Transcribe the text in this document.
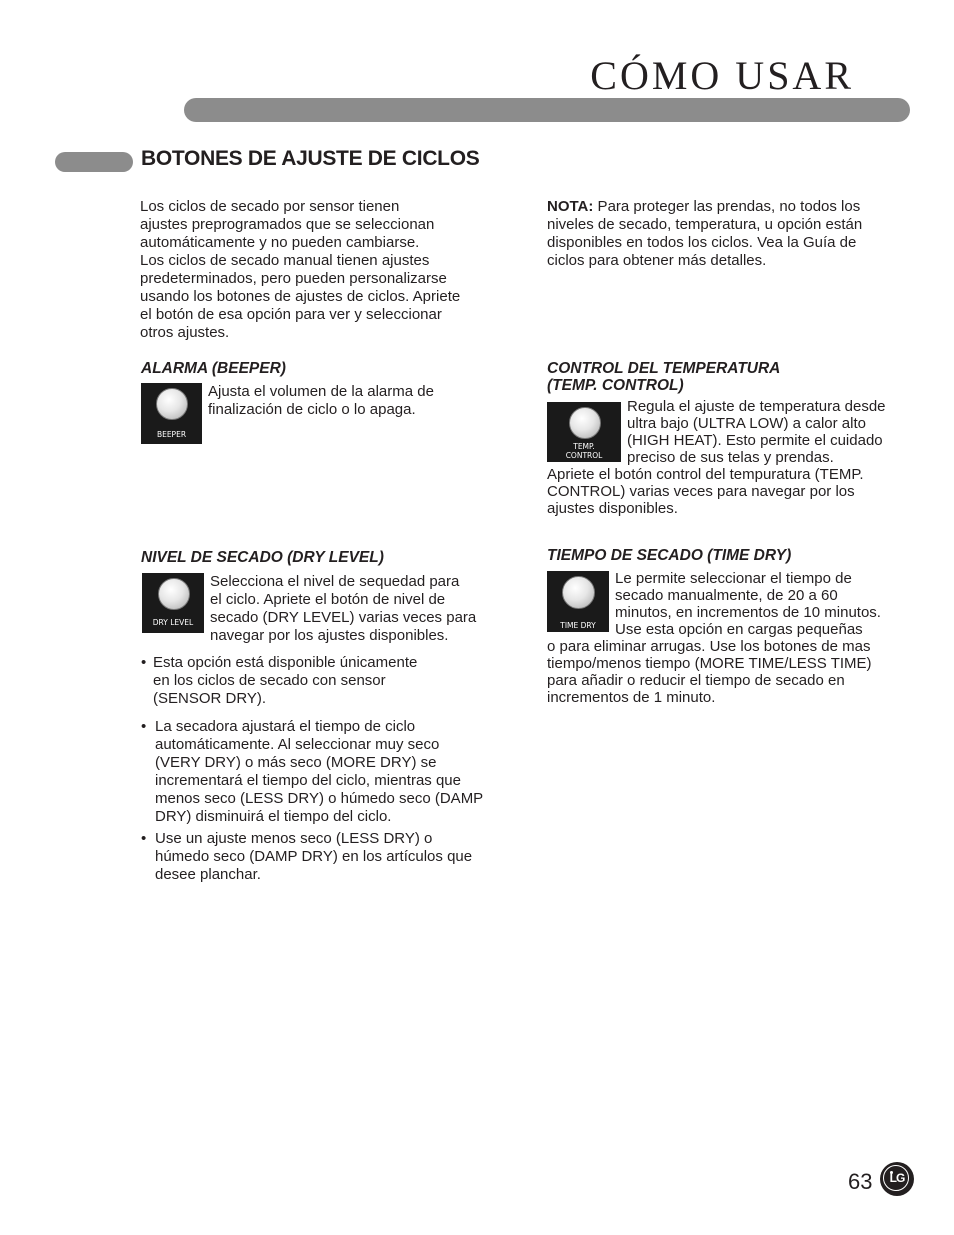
CÓMO USAR
BOTONES DE AJUSTE DE CICLOS
Los ciclos de secado por sensor tienen
ajustes preprogramados que se seleccionan
automáticamente y no pueden cambiarse.
Los ciclos de secado manual tienen ajustes
predeterminados, pero pueden personalizarse
usando los botones de ajustes de ciclos. Apriete
el botón de esa opción para ver y seleccionar
otros ajustes.
NOTA: Para proteger las prendas, no todos los
niveles de secado, temperatura, u opción están
disponibles en todos los ciclos. Vea la Guía de
ciclos para obtener más detalles.
ALARMA (BEEPER)
BEEPER
Ajusta el volumen de la alarma de
finalización de ciclo o lo apaga.
CONTROL DEL TEMPERATURA
(TEMP. CONTROL)
TEMP.
CONTROL
Regula el ajuste de temperatura desde
ultra bajo (ULTRA LOW) a calor alto
(HIGH HEAT). Esto permite el cuidado
preciso de sus telas y prendas.
Apriete el botón control del tempuratura (TEMP.
CONTROL) varias veces para navegar por los
ajustes disponibles.
NIVEL DE SECADO (DRY LEVEL)
DRY LEVEL
Selecciona el nivel de sequedad para
el ciclo. Apriete el botón de nivel de
secado (DRY LEVEL) varias veces para
navegar por los ajustes disponibles.
• Esta opción está disponible únicamente
en los ciclos de secado con sensor
(SENSOR DRY).
• La secadora ajustará el tiempo de ciclo
automáticamente. Al seleccionar muy seco
(VERY DRY) o más seco (MORE DRY) se
incrementará el tiempo del ciclo, mientras que
menos seco (LESS DRY) o húmedo seco (DAMP
DRY) disminuirá el tiempo del ciclo.
• Use un ajuste menos seco (LESS DRY) o
húmedo seco (DAMP DRY) en los artículos que
desee planchar.
TIEMPO DE SECADO (TIME DRY)
TIME DRY
Le permite seleccionar el tiempo de
secado manualmente, de 20 a 60
minutos, en incrementos de 10 minutos.
Use esta opción en cargas pequeñas
o para eliminar arrugas. Use los botones de mas
tiempo/menos tiempo (MORE TIME/LESS TIME)
para añadir o reducir el tiempo de secado en
incrementos de 1 minuto.
63	LG
